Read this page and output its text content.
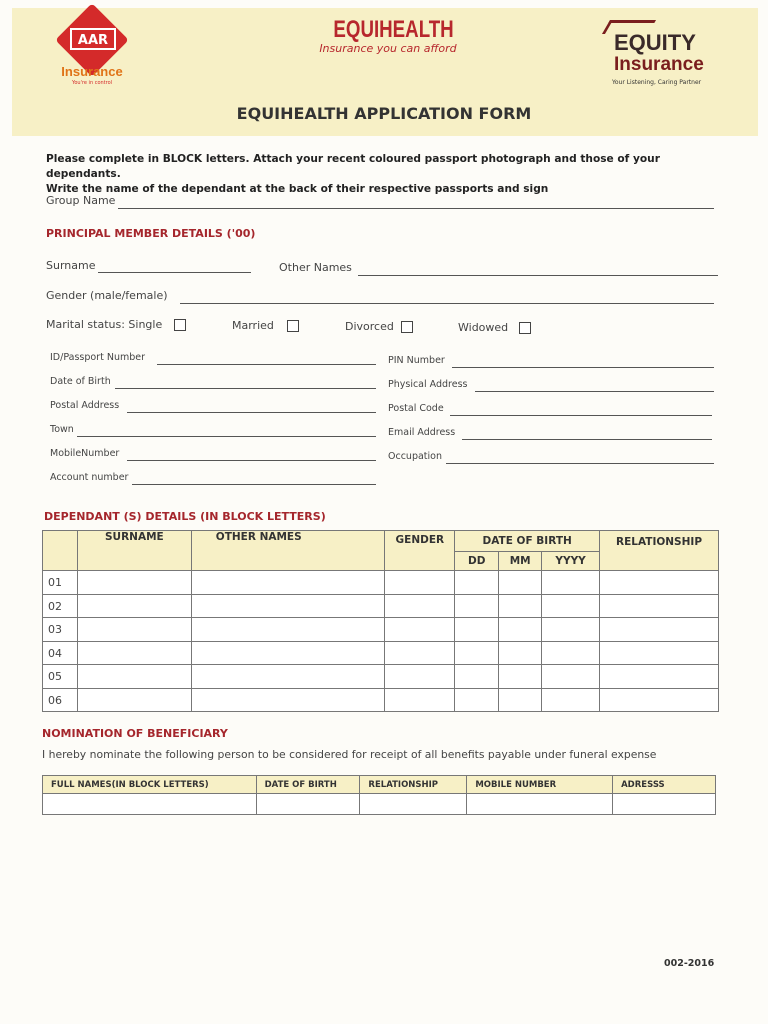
AAR
Insurance
You're in control
EQUIHEALTH
Insurance you can afford	EQUITY
Insurance
Your Listening, Caring Partner
EQUIHEALTH APPLICATION FORM
Please complete in BLOCK letters. Attach your recent coloured passport photograph and those of your dependants.
Write the name of the dependant at the back of their respective passports and sign
Group Name
PRINCIPAL MEMBER DETAILS ('00)
Surname	Other Names
Gender (male/female)
Marital status: Single	Married	Divorced	Widowed
ID/Passport Number
Date of Birth
Postal Address
Town
MobileNumber
Account number
PIN Number
Physical Address
Postal Code
Email Address
Occupation
DEPENDANT (S) DETAILS (IN BLOCK LETTERS)
	SURNAME	OTHER NAMES	GENDER	DATE OF BIRTH			RELATIONSHIP
				DD	MM	YYYY	
01							
02							
03							
04							
05							
06							
NOMINATION OF BENEFICIARY
I hereby nominate the following person to be considered for receipt of all benefits payable under funeral expense
FULL NAMES(IN BLOCK LETTERS)	DATE OF BIRTH	RELATIONSHIP	MOBILE NUMBER	ADRESSS

002-2016
